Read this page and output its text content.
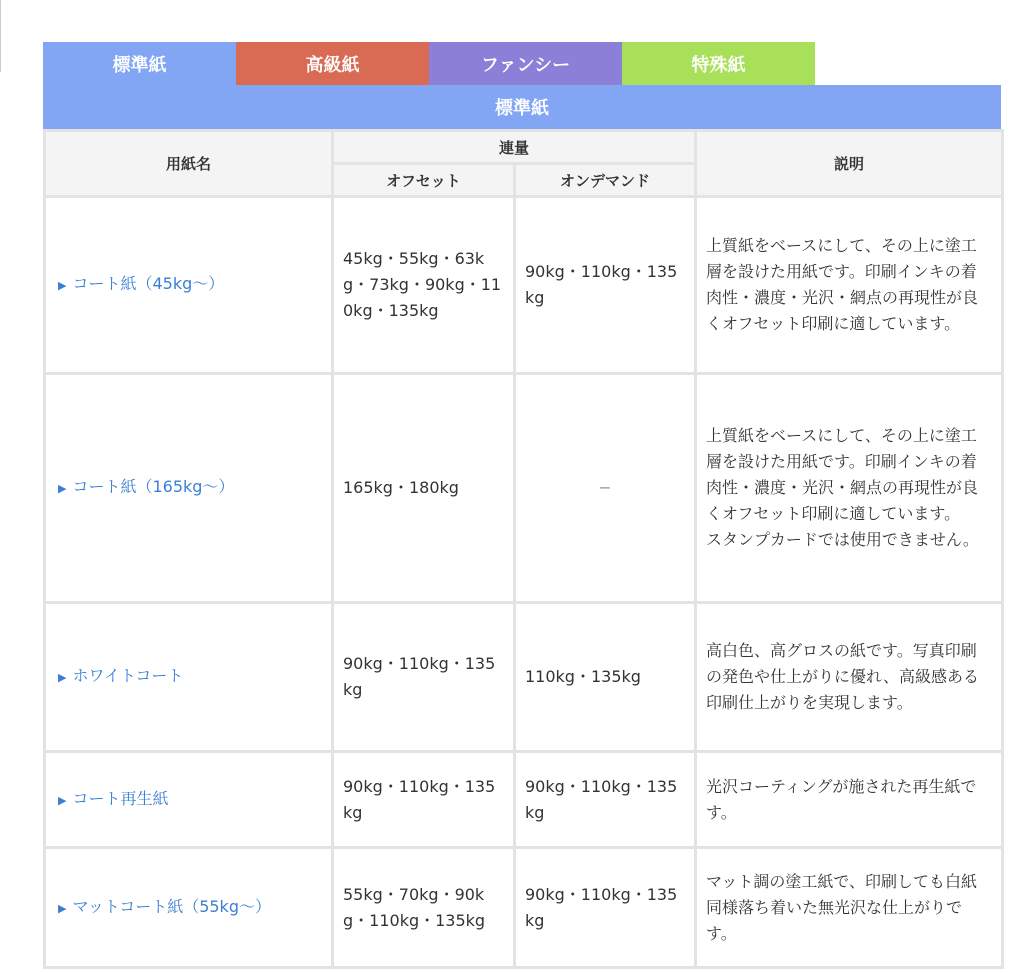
標準紙	高級紙	ファンシー	特殊紙
標準紙
用紙名	連量		説明
	オフセット	オンデマンド	
▶ コート紙（45kg〜）	45kg・55kg・63kg・73kg・90kg・110kg・135kg	90kg・110kg・135kg	上質紙をベースにして、その上に塗工層を設けた用紙です。印刷インキの着肉性・濃度・光沢・網点の再現性が良くオフセット印刷に適しています。
▶ コート紙（165kg〜）	165kg・180kg	−	上質紙をベースにして、その上に塗工層を設けた用紙です。印刷インキの着肉性・濃度・光沢・網点の再現性が良くオフセット印刷に適しています。
スタンプカードでは使用できません。
▶ ホワイトコート	90kg・110kg・135kg	110kg・135kg	高白色、高グロスの紙です。写真印刷の発色や仕上がりに優れ、高級感ある印刷仕上がりを実現します。
▶ コート再生紙	90kg・110kg・135kg	90kg・110kg・135kg	光沢コーティングが施された再生紙です。
▶ マットコート紙（55kg〜）	55kg・70kg・90kg・110kg・135kg	90kg・110kg・135kg	マット調の塗工紙で、印刷しても白紙同様落ち着いた無光沢な仕上がりです。
